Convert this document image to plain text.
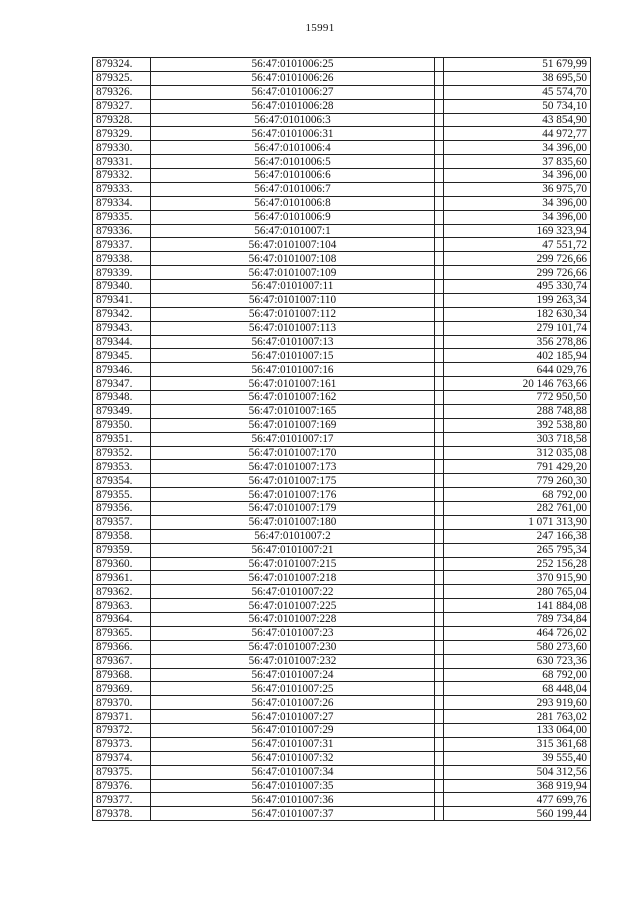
15991
879324.	56:47:0101006:25		51 679,99
879325.	56:47:0101006:26		38 695,50
879326.	56:47:0101006:27		45 574,70
879327.	56:47:0101006:28		50 734,10
879328.	56:47:0101006:3		43 854,90
879329.	56:47:0101006:31		44 972,77
879330.	56:47:0101006:4		34 396,00
879331.	56:47:0101006:5		37 835,60
879332.	56:47:0101006:6		34 396,00
879333.	56:47:0101006:7		36 975,70
879334.	56:47:0101006:8		34 396,00
879335.	56:47:0101006:9		34 396,00
879336.	56:47:0101007:1		169 323,94
879337.	56:47:0101007:104		47 551,72
879338.	56:47:0101007:108		299 726,66
879339.	56:47:0101007:109		299 726,66
879340.	56:47:0101007:11		495 330,74
879341.	56:47:0101007:110		199 263,34
879342.	56:47:0101007:112		182 630,34
879343.	56:47:0101007:113		279 101,74
879344.	56:47:0101007:13		356 278,86
879345.	56:47:0101007:15		402 185,94
879346.	56:47:0101007:16		644 029,76
879347.	56:47:0101007:161		20 146 763,66
879348.	56:47:0101007:162		772 950,50
879349.	56:47:0101007:165		288 748,88
879350.	56:47:0101007:169		392 538,80
879351.	56:47:0101007:17		303 718,58
879352.	56:47:0101007:170		312 035,08
879353.	56:47:0101007:173		791 429,20
879354.	56:47:0101007:175		779 260,30
879355.	56:47:0101007:176		68 792,00
879356.	56:47:0101007:179		282 761,00
879357.	56:47:0101007:180		1 071 313,90
879358.	56:47:0101007:2		247 166,38
879359.	56:47:0101007:21		265 795,34
879360.	56:47:0101007:215		252 156,28
879361.	56:47:0101007:218		370 915,90
879362.	56:47:0101007:22		280 765,04
879363.	56:47:0101007:225		141 884,08
879364.	56:47:0101007:228		789 734,84
879365.	56:47:0101007:23		464 726,02
879366.	56:47:0101007:230		580 273,60
879367.	56:47:0101007:232		630 723,36
879368.	56:47:0101007:24		68 792,00
879369.	56:47:0101007:25		68 448,04
879370.	56:47:0101007:26		293 919,60
879371.	56:47:0101007:27		281 763,02
879372.	56:47:0101007:29		133 064,00
879373.	56:47:0101007:31		315 361,68
879374.	56:47:0101007:32		39 555,40
879375.	56:47:0101007:34		504 312,56
879376.	56:47:0101007:35		368 919,94
879377.	56:47:0101007:36		477 699,76
879378.	56:47:0101007:37		560 199,44
